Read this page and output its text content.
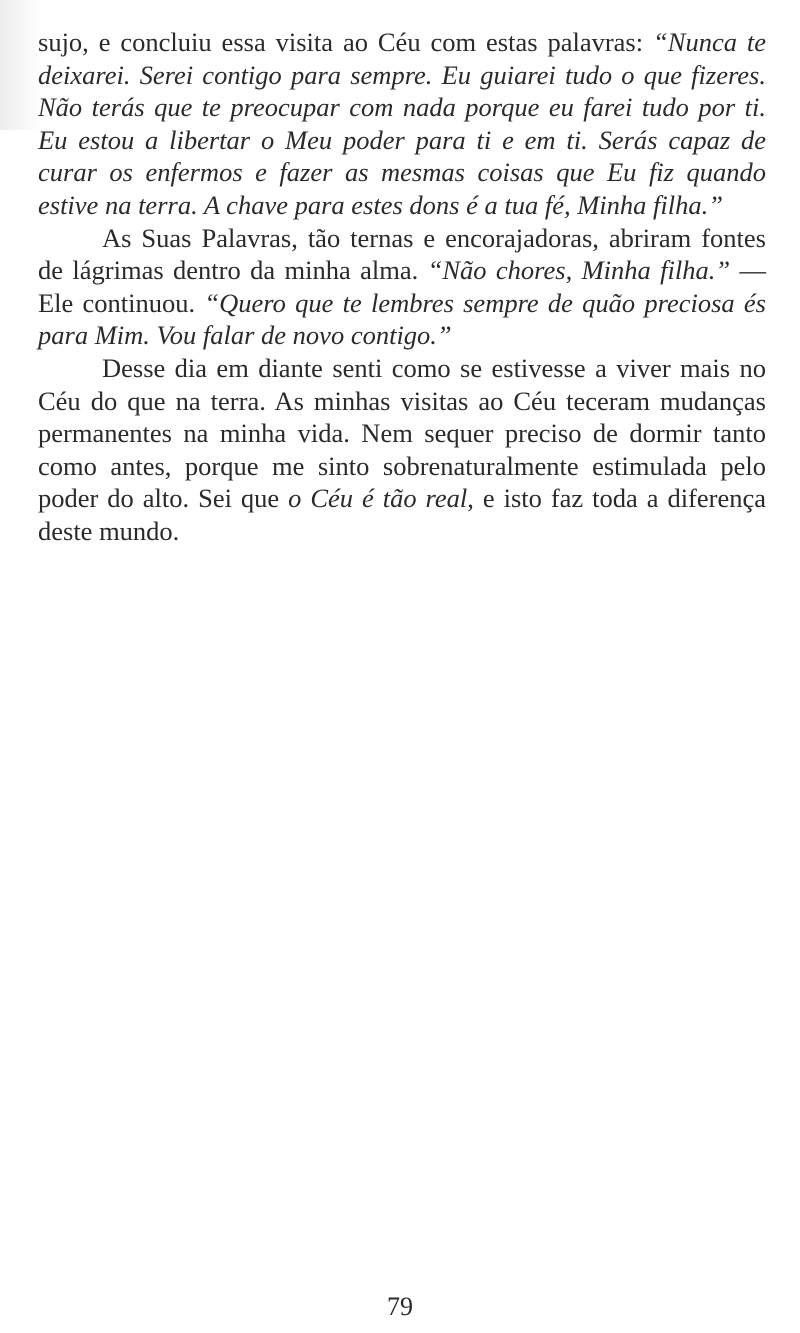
sujo, e concluiu essa visita ao Céu com estas palavras: “Nunca te deixarei. Serei contigo para sempre. Eu guiarei tudo o que fizeres. Não terás que te preocupar com nada porque eu farei tudo por ti. Eu estou a libertar o Meu poder para ti e em ti. Serás capaz de curar os enfermos e fazer as mesmas coisas que Eu fiz quando estive na terra. A chave para estes dons é a tua fé, Minha filha.”

As Suas Palavras, tão ternas e encorajadoras, abriram fontes de lágrimas dentro da minha alma. “Não chores, Minha filha.” — Ele continuou. “Quero que te lembres sempre de quão preciosa és para Mim. Vou falar de novo contigo.”

Desse dia em diante senti como se estivesse a viver mais no Céu do que na terra. As minhas visitas ao Céu teceram mudanças permanentes na minha vida. Nem sequer preciso de dormir tanto como antes, porque me sinto sobrenaturalmente estimulada pelo poder do alto. Sei que o Céu é tão real, e isto faz toda a diferença deste mundo.

79
